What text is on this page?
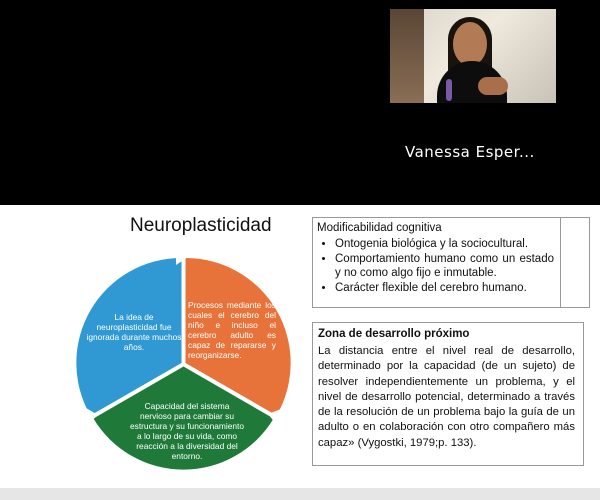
Vanessa Esper...
Neuroplasticidad
La idea de neuroplasticidad fue ignorada durante muchos años.
Procesos mediante los cuales el cerebro del niño e incluso el cerebro adulto es capaz de repararse y reorganizarse.
Capacidad del sistema nervioso para cambiar su estructura y su funcionamiento a lo largo de su vida, como reacción a la diversidad del entorno.
Modificabilidad cognitiva
• Ontogenia biológica y la sociocultural.
• Comportamiento humano como un estado y no como algo fijo e inmutable.
• Carácter flexible del cerebro humano.
Zona de desarrollo próximo
La distancia entre el nivel real de desarrollo, determinado por la capacidad (de un sujeto) de resolver independientemente un problema, y el nivel de desarrollo potencial, determinado a través de la resolución de un problema bajo la guía de un adulto o en colaboración con otro compañero más capaz» (Vygostki, 1979;p. 133).
